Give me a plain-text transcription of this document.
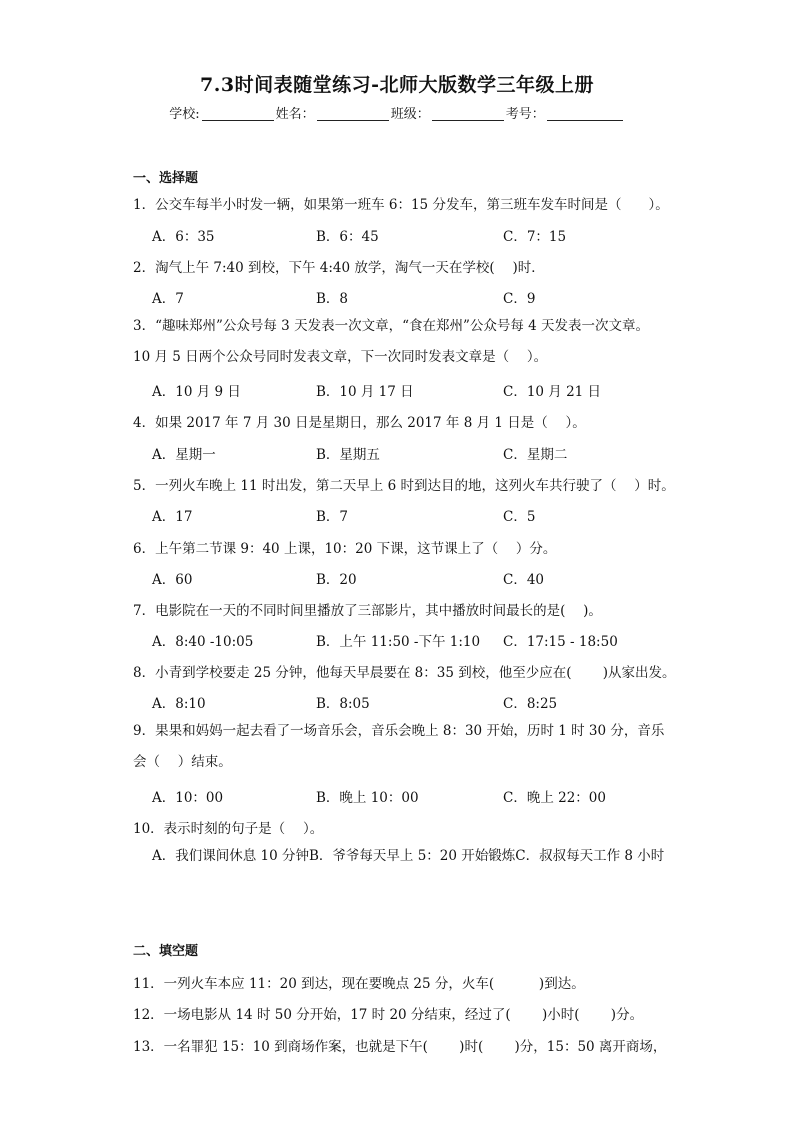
7.3时间表随堂练习-北师大版数学三年级上册
学校:	姓名：	班级：	考号：
一、选择题
1．公交车每半小时发一辆，如果第一班车 6：15 分发车，第三班车发车时间是（　　）。
A．6：35	B．6：45	C．7：15
2．淘气上午 7:40 到校，下午 4:40 放学，淘气一天在学校(　 )时．
A．7	B．8	C．9
3．“趣味郑州”公众号每 3 天发表一次文章，“食在郑州”公众号每 4 天发表一次文章。10 月 5 日两个公众号同时发表文章，下一次同时发表文章是（　 ）。
A．10 月 9 日	B．10 月 17 日	C．10 月 21 日
4．如果 2017 年 7 月 30 日是星期日，那么 2017 年 8 月 1 日是（　 ）。
A．星期一	B．星期五	C．星期二
5．一列火车晚上 11 时出发，第二天早上 6 时到达目的地，这列火车共行驶了（　 ）时。
A．17	B．7	C．5
6．上午第二节课 9：40 上课，10：20 下课，这节课上了（　 ）分。
A．60	B．20	C．40
7．电影院在一天的不同时间里播放了三部影片，其中播放时间最长的是(　 )。
A．8:40 -10:05	B．上午 11:50 -下午 1:10 C．17:15 - 18:50
8．小青到学校要走 25 分钟，他每天早晨要在 8：35 到校，他至少应在(　　 )从家出发。
A．8:10	B．8:05	C．8:25
9．果果和妈妈一起去看了一场音乐会，音乐会晚上 8：30 开始，历时 1 时 30 分，音乐会（　 ）结束。
A．10：00	B．晚上 10：00	C．晚上 22：00
10．表示时刻的句子是（　 ）。
A．我们课间休息 10 分钟B．爷爷每天早上 5：20 开始锻炼C．叔叔每天工作 8 小时
二、填空题
11．一列火车本应 11：20 到达，现在要晚点 25 分，火车(　　　 )到达。
12．一场电影从 14 时 50 分开始，17 时 20 分结束，经过了(　　 )小时(　　 )分。
13．一名罪犯 15：10 到商场作案，也就是下午(　　 )时(　　 )分，15：50 离开商场，
